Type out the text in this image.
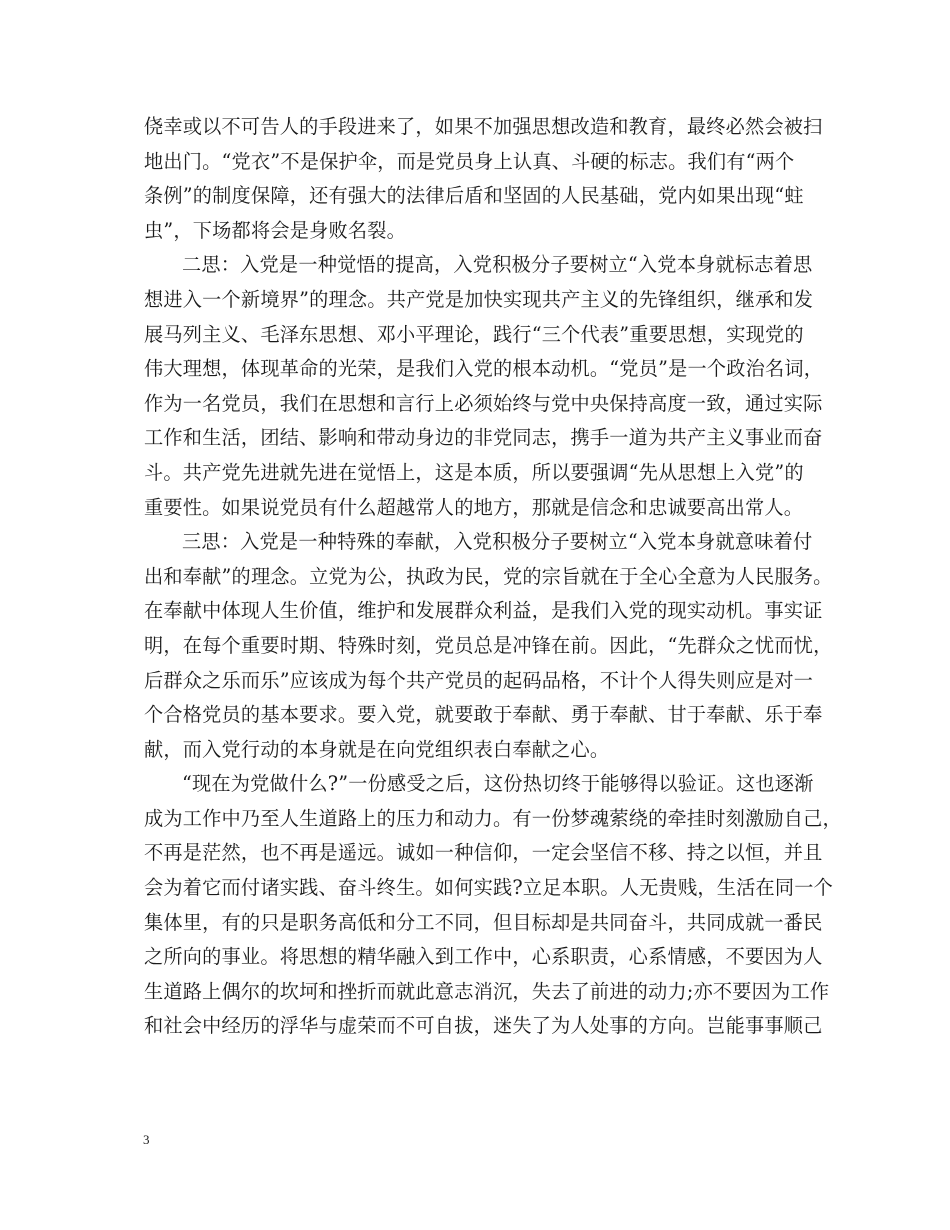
侥幸或以不可告人的手段进来了，如果不加强思想改造和教育，最终必然会被扫
地出门。“党衣”不是保护伞，而是党员身上认真、斗硬的标志。我们有“两个
条例”的制度保障，还有强大的法律后盾和坚固的人民基础，党内如果出现“蛀
虫”，下场都将会是身败名裂。
二思：入党是一种觉悟的提高，入党积极分子要树立“入党本身就标志着思
想进入一个新境界”的理念。共产党是加快实现共产主义的先锋组织，继承和发
展马列主义、毛泽东思想、邓小平理论，践行“三个代表”重要思想，实现党的
伟大理想，体现革命的光荣，是我们入党的根本动机。“党员”是一个政治名词，
作为一名党员，我们在思想和言行上必须始终与党中央保持高度一致，通过实际
工作和生活，团结、影响和带动身边的非党同志，携手一道为共产主义事业而奋
斗。共产党先进就先进在觉悟上，这是本质，所以要强调“先从思想上入党”的
重要性。如果说党员有什么超越常人的地方，那就是信念和忠诚要高出常人。
三思：入党是一种特殊的奉献，入党积极分子要树立“入党本身就意味着付
出和奉献”的理念。立党为公，执政为民，党的宗旨就在于全心全意为人民服务。
在奉献中体现人生价值，维护和发展群众利益，是我们入党的现实动机。事实证
明，在每个重要时期、特殊时刻，党员总是冲锋在前。因此，“先群众之忧而忧，
后群众之乐而乐”应该成为每个共产党员的起码品格，不计个人得失则应是对一
个合格党员的基本要求。要入党，就要敢于奉献、勇于奉献、甘于奉献、乐于奉
献，而入党行动的本身就是在向党组织表白奉献之心。
“现在为党做什么?”一份感受之后，这份热切终于能够得以验证。这也逐渐
成为工作中乃至人生道路上的压力和动力。有一份梦魂萦绕的牵挂时刻激励自己，
不再是茫然，也不再是遥远。诚如一种信仰，一定会坚信不移、持之以恒，并且
会为着它而付诸实践、奋斗终生。如何实践?立足本职。人无贵贱，生活在同一个
集体里，有的只是职务高低和分工不同，但目标却是共同奋斗，共同成就一番民
之所向的事业。将思想的精华融入到工作中，心系职责，心系情感，不要因为人
生道路上偶尔的坎坷和挫折而就此意志消沉，失去了前进的动力;亦不要因为工作
和社会中经历的浮华与虚荣而不可自拔，迷失了为人处事的方向。岂能事事顺己
3
